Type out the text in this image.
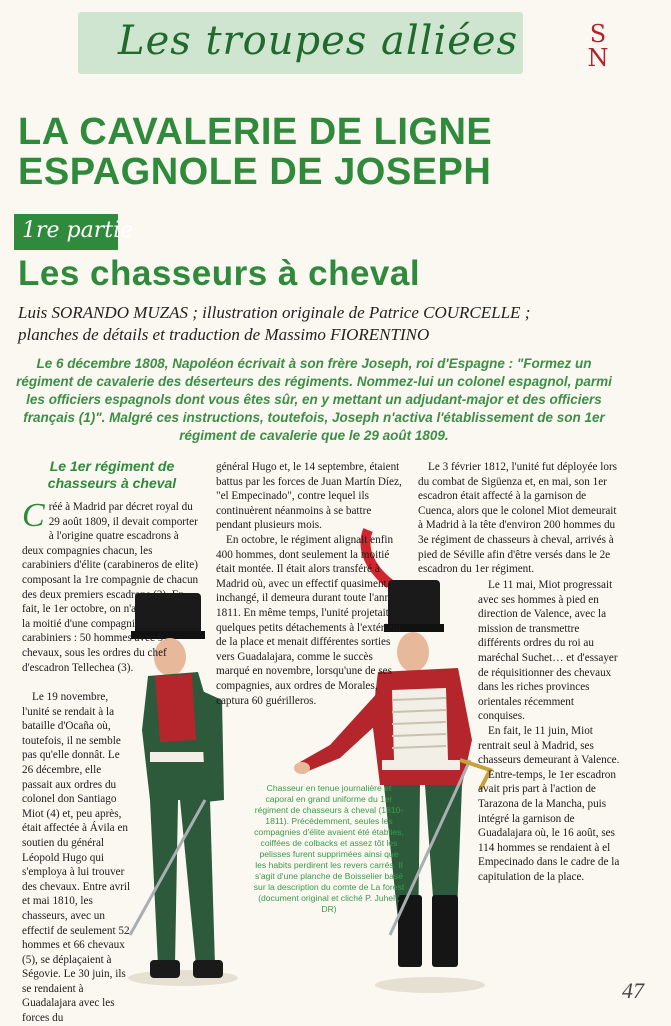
Les troupes alliées	S
N
LA CAVALERIE DE LIGNE ESPAGNOLE DE JOSEPH
1re partie
Les chasseurs à cheval
Luis SORANDO MUZAS ; illustration originale de Patrice COURCELLE ;
planches de détails et traduction de Massimo FIORENTINO
Le 6 décembre 1808, Napoléon écrivait à son frère Joseph, roi d'Espagne : "Formez un régiment de cavalerie des déserteurs des régiments. Nommez-lui un colonel espagnol, parmi les officiers espagnols dont vous êtes sûr, en y mettant un adjudant-major et des officiers français (1)". Malgré ces instructions, toutefois, Joseph n'activa l'établissement de son 1er régiment de cavalerie que le 29 août 1809.
Le 1er régiment de chasseurs à cheval
C réé à Madrid par décret royal du 29 août 1809, il devait comporter à l'origine quatre escadrons à deux compagnies chacun, les carabiniers d'élite (carabineros de elite) composant la 1re compagnie de chacun des deux premiers escadrons (2). En fait, le 1er octobre, on n'avait réuni que la moitié d'une compagnie de carabiniers : 50 hommes avec 9 chevaux, sous les ordres du chef d'escadron Tellechea (3).

Le 19 novembre, l'unité se rendait à la bataille d'Ocaña où, toutefois, il ne semble pas qu'elle donnât. Le 26 décembre, elle passait aux ordres du colonel don Santiago Miot (4) et, peu après, était affectée à Ávila en soutien du général Léopold Hugo qui s'employa à lui trouver des chevaux. Entre avril et mai 1810, les chasseurs, avec un effectif de seulement 52 hommes et 66 chevaux (5), se déplaçaient à Ségovie. Le 30 juin, ils se rendaient à Guadalajara avec les forces du

général Hugo et, le 14 septembre, étaient battus par les forces de Juan Martín Díez, "el Empecinado", contre lequel ils continuèrent néanmoins à se battre pendant plusieurs mois.

En octobre, le régiment alignait enfin 400 hommes, dont seulement la moitié était montée. Il était alors transféré à Madrid où, avec un effectif quasiment inchangé, il demeura durant toute l'année 1811. En même temps, l'unité projetait quelques petits détachements à l'extérieur de la place et menait différentes sorties vers Guadalajara, comme le succès marqué en novembre, lorsqu'une de ses compagnies, aux ordres de Morales, captura 60 guérilleros.

Le 3 février 1812, l'unité fut déployée lors du combat de Sigüenza et, en mai, son 1er escadron était affecté à la garnison de Cuenca, alors que le colonel Miot demeurait à Madrid à la tête d'environ 200 hommes du 3e régiment de chasseurs à cheval, arrivés à pied de Séville afin d'être versés dans le 2e escadron du 1er régiment.

Le 11 mai, Miot progressait avec ses hommes à pied en direction de Valence, avec la mission de transmettre différents ordres du roi au maréchal Suchet… et d'essayer de réquisitionner des chevaux dans les riches provinces orientales récemment conquises.

En fait, le 11 juin, Miot rentrait seul à Madrid, ses chasseurs demeurant à Valence.

Entre-temps, le 1er escadron avait pris part à l'action de Tarazona de la Mancha, puis intégré la garnison de Guadalajara où, le 16 août, ses 114 hommes se rendaient à el Empecinado dans le cadre de la capitulation de la place.

Chasseur en tenue journalière et caporal en grand uniforme du 1er régiment de chasseurs à cheval (1810-1811). Précédemment, seules les compagnies d'élite avaient été établies, coiffées de colbacks et assez tôt les pelisses furent supprimées ainsi que les habits perdirent les revers carrés. Il s'agit d'une planche de Boisselier basé sur la description du comte de La forest (document original et cliché P. Juhel ; DR)
47
